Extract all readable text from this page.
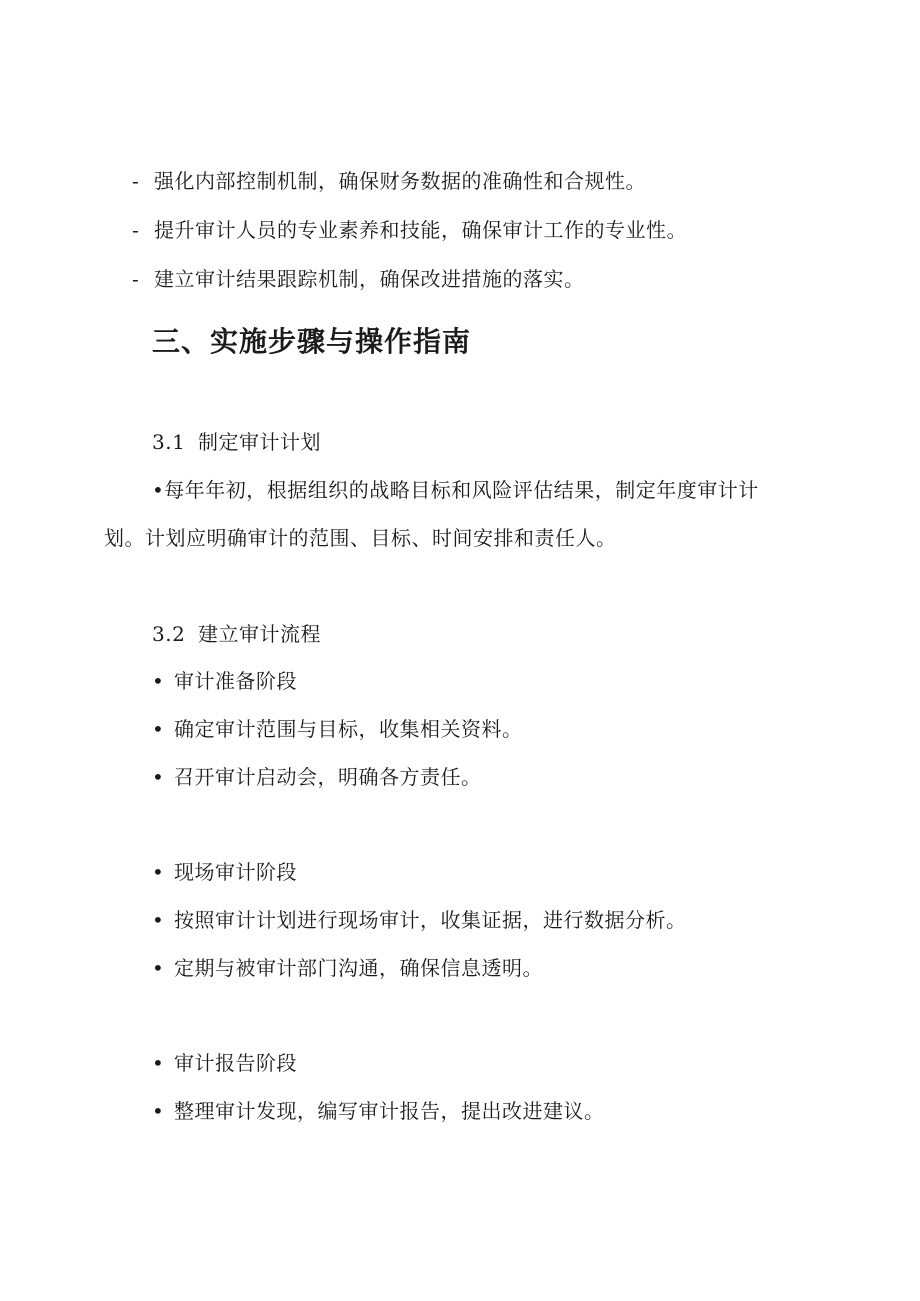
- 强化内部控制机制，确保财务数据的准确性和合规性。
- 提升审计人员的专业素养和技能，确保审计工作的专业性。
- 建立审计结果跟踪机制，确保改进措施的落实。
三、实施步骤与操作指南
3.1 制定审计计划
•每年年初，根据组织的战略目标和风险评估结果，制定年度审计计
划。计划应明确审计的范围、目标、时间安排和责任人。
3.2 建立审计流程
• 审计准备阶段
• 确定审计范围与目标，收集相关资料。
• 召开审计启动会，明确各方责任。
• 现场审计阶段
• 按照审计计划进行现场审计，收集证据，进行数据分析。
• 定期与被审计部门沟通，确保信息透明。
• 审计报告阶段
• 整理审计发现，编写审计报告，提出改进建议。
